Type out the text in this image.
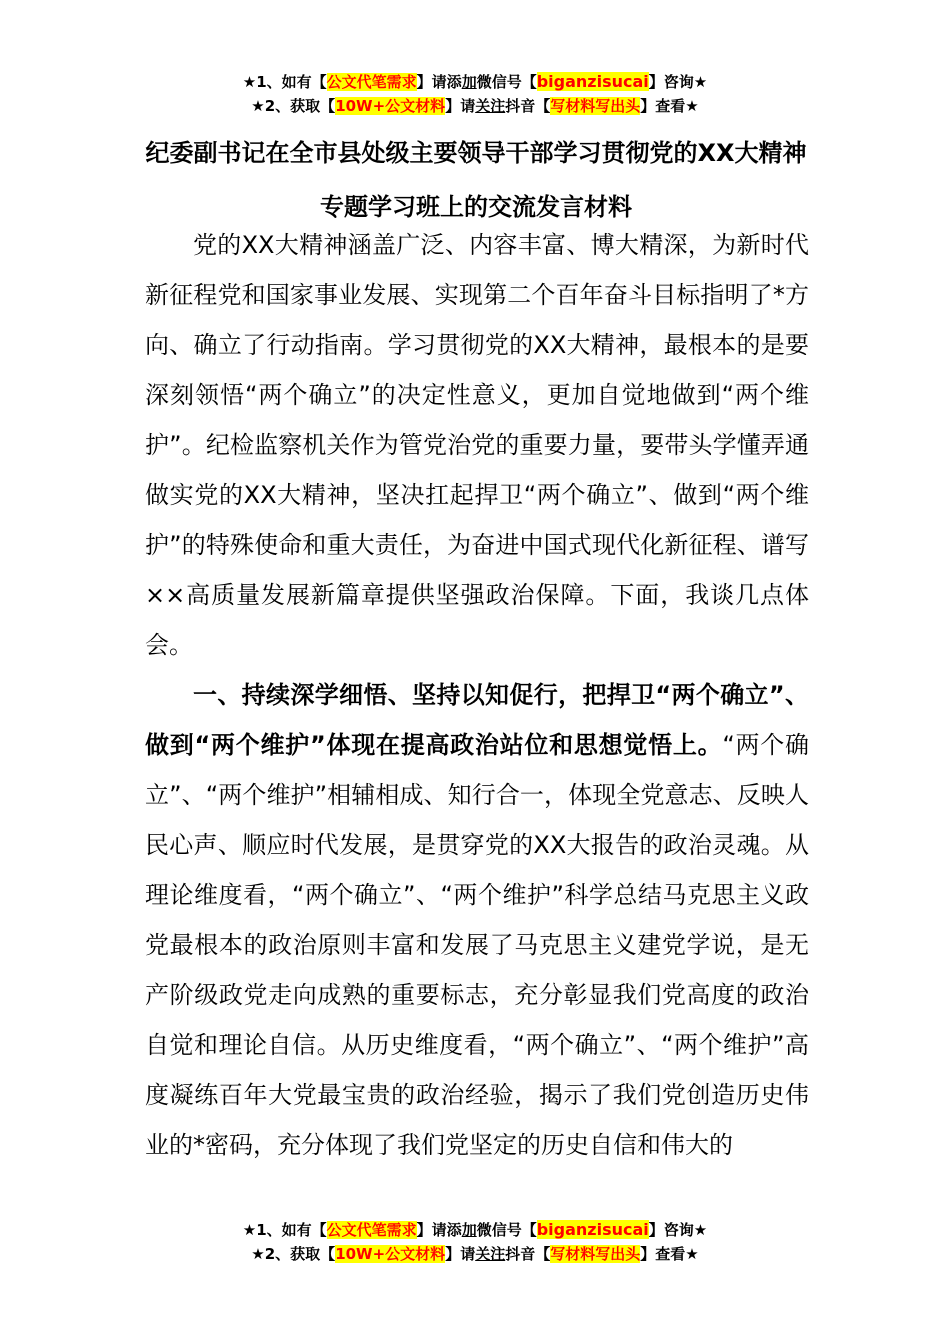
★1、如有【公文代笔需求】请添加微信号【biganzisucai】咨询★
★2、获取【10W+公文材料】请关注抖音【写材料写出头】查看★
纪委副书记在全市县处级主要领导干部学习贯彻党的XX大精神专题学习班上的交流发言材料

党的XX大精神涵盖广泛、内容丰富、博大精深，为新时代新征程党和国家事业发展、实现第二个百年奋斗目标指明了*方向、确立了行动指南。学习贯彻党的XX大精神，最根本的是要深刻领悟“两个确立”的决定性意义，更加自觉地做到“两个维护”。纪检监察机关作为管党治党的重要力量，要带头学懂弄通做实党的XX大精神，坚决扛起捍卫“两个确立”、做到“两个维护”的特殊使命和重大责任，为奋进中国式现代化新征程、谱写××高质量发展新篇章提供坚强政治保障。下面，我谈几点体会。

一、持续深学细悟、坚持以知促行，把捍卫“两个确立”、做到“两个维护”体现在提高政治站位和思想觉悟上。“两个确立”、“两个维护”相辅相成、知行合一，体现全党意志、反映人民心声、顺应时代发展，是贯穿党的XX大报告的政治灵魂。从理论维度看，“两个确立”、“两个维护”科学总结马克思主义政党最根本的政治原则丰富和发展了马克思主义建党学说，是无产阶级政党走向成熟的重要标志，充分彰显我们党高度的政治自觉和理论自信。从历史维度看，“两个确立”、“两个维护”高度凝练百年大党最宝贵的政治经验，揭示了我们党创造历史伟业的*密码，充分体现了我们党坚定的历史自信和伟大的

★1、如有【公文代笔需求】请添加微信号【biganzisucai】咨询★
★2、获取【10W+公文材料】请关注抖音【写材料写出头】查看★
